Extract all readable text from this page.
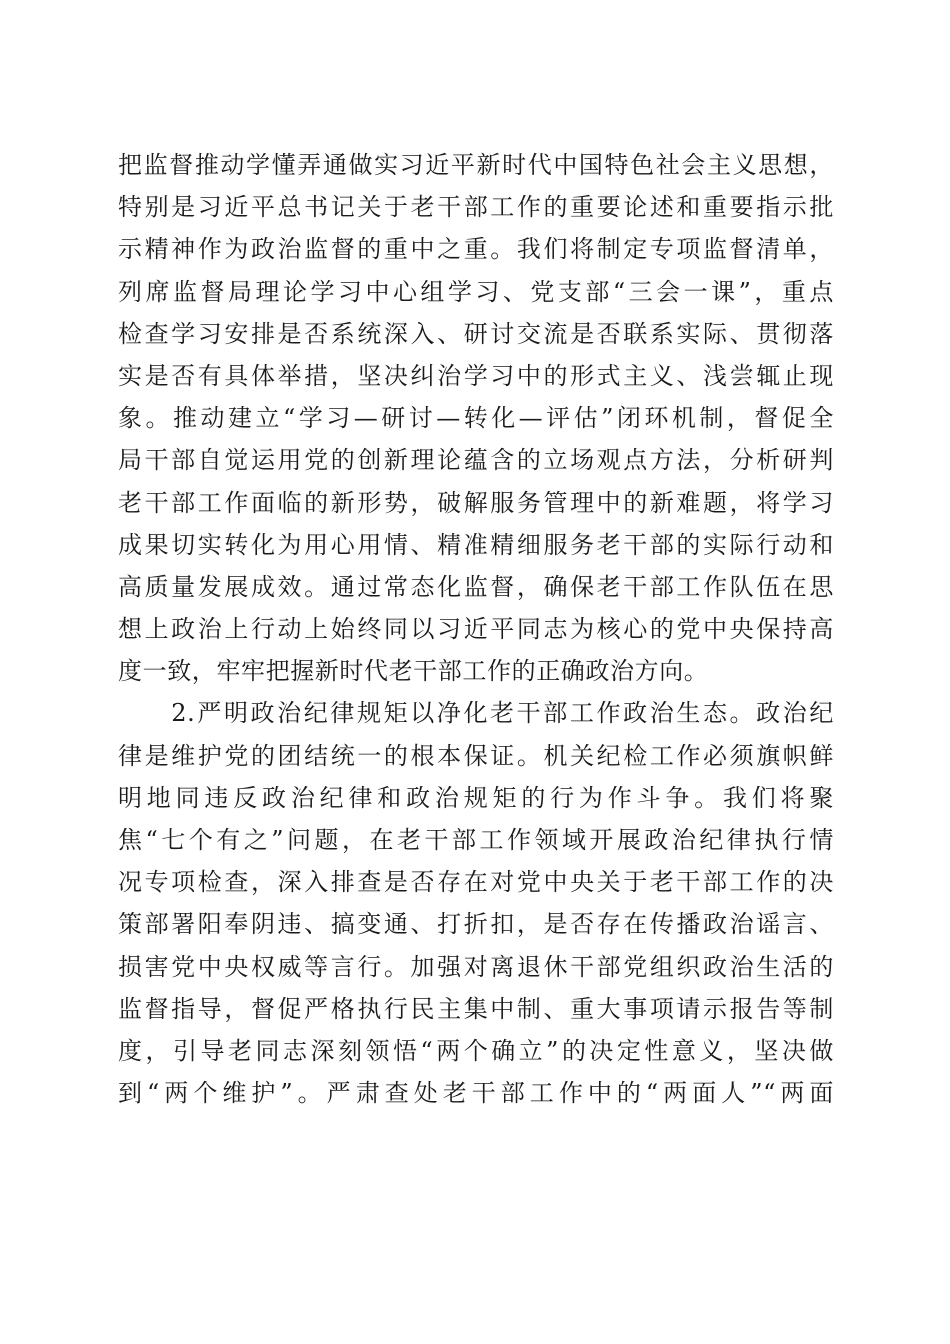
把监督推动学懂弄通做实习近平新时代中国特色社会主义思想，
特别是习近平总书记关于老干部工作的重要论述和重要指示批
示精神作为政治监督的重中之重。我们将制定专项监督清单，
列席监督局理论学习中心组学习、党支部“三会一课”，重点
检查学习安排是否系统深入、研讨交流是否联系实际、贯彻落
实是否有具体举措，坚决纠治学习中的形式主义、浅尝辄止现
象。推动建立“学习—研讨—转化—评估”闭环机制，督促全
局干部自觉运用党的创新理论蕴含的立场观点方法，分析研判
老干部工作面临的新形势，破解服务管理中的新难题，将学习
成果切实转化为用心用情、精准精细服务老干部的实际行动和
高质量发展成效。通过常态化监督，确保老干部工作队伍在思
想上政治上行动上始终同以习近平同志为核心的党中央保持高
度一致，牢牢把握新时代老干部工作的正确政治方向。
　　2.严明政治纪律规矩以净化老干部工作政治生态。政治纪
律是维护党的团结统一的根本保证。机关纪检工作必须旗帜鲜
明地同违反政治纪律和政治规矩的行为作斗争。我们将聚
焦“七个有之”问题，在老干部工作领域开展政治纪律执行情
况专项检查，深入排查是否存在对党中央关于老干部工作的决
策部署阳奉阴违、搞变通、打折扣，是否存在传播政治谣言、
损害党中央权威等言行。加强对离退休干部党组织政治生活的
监督指导，督促严格执行民主集中制、重大事项请示报告等制
度，引导老同志深刻领悟“两个确立”的决定性意义，坚决做
到“两个维护”。严肃查处老干部工作中的“两面人”“两面
